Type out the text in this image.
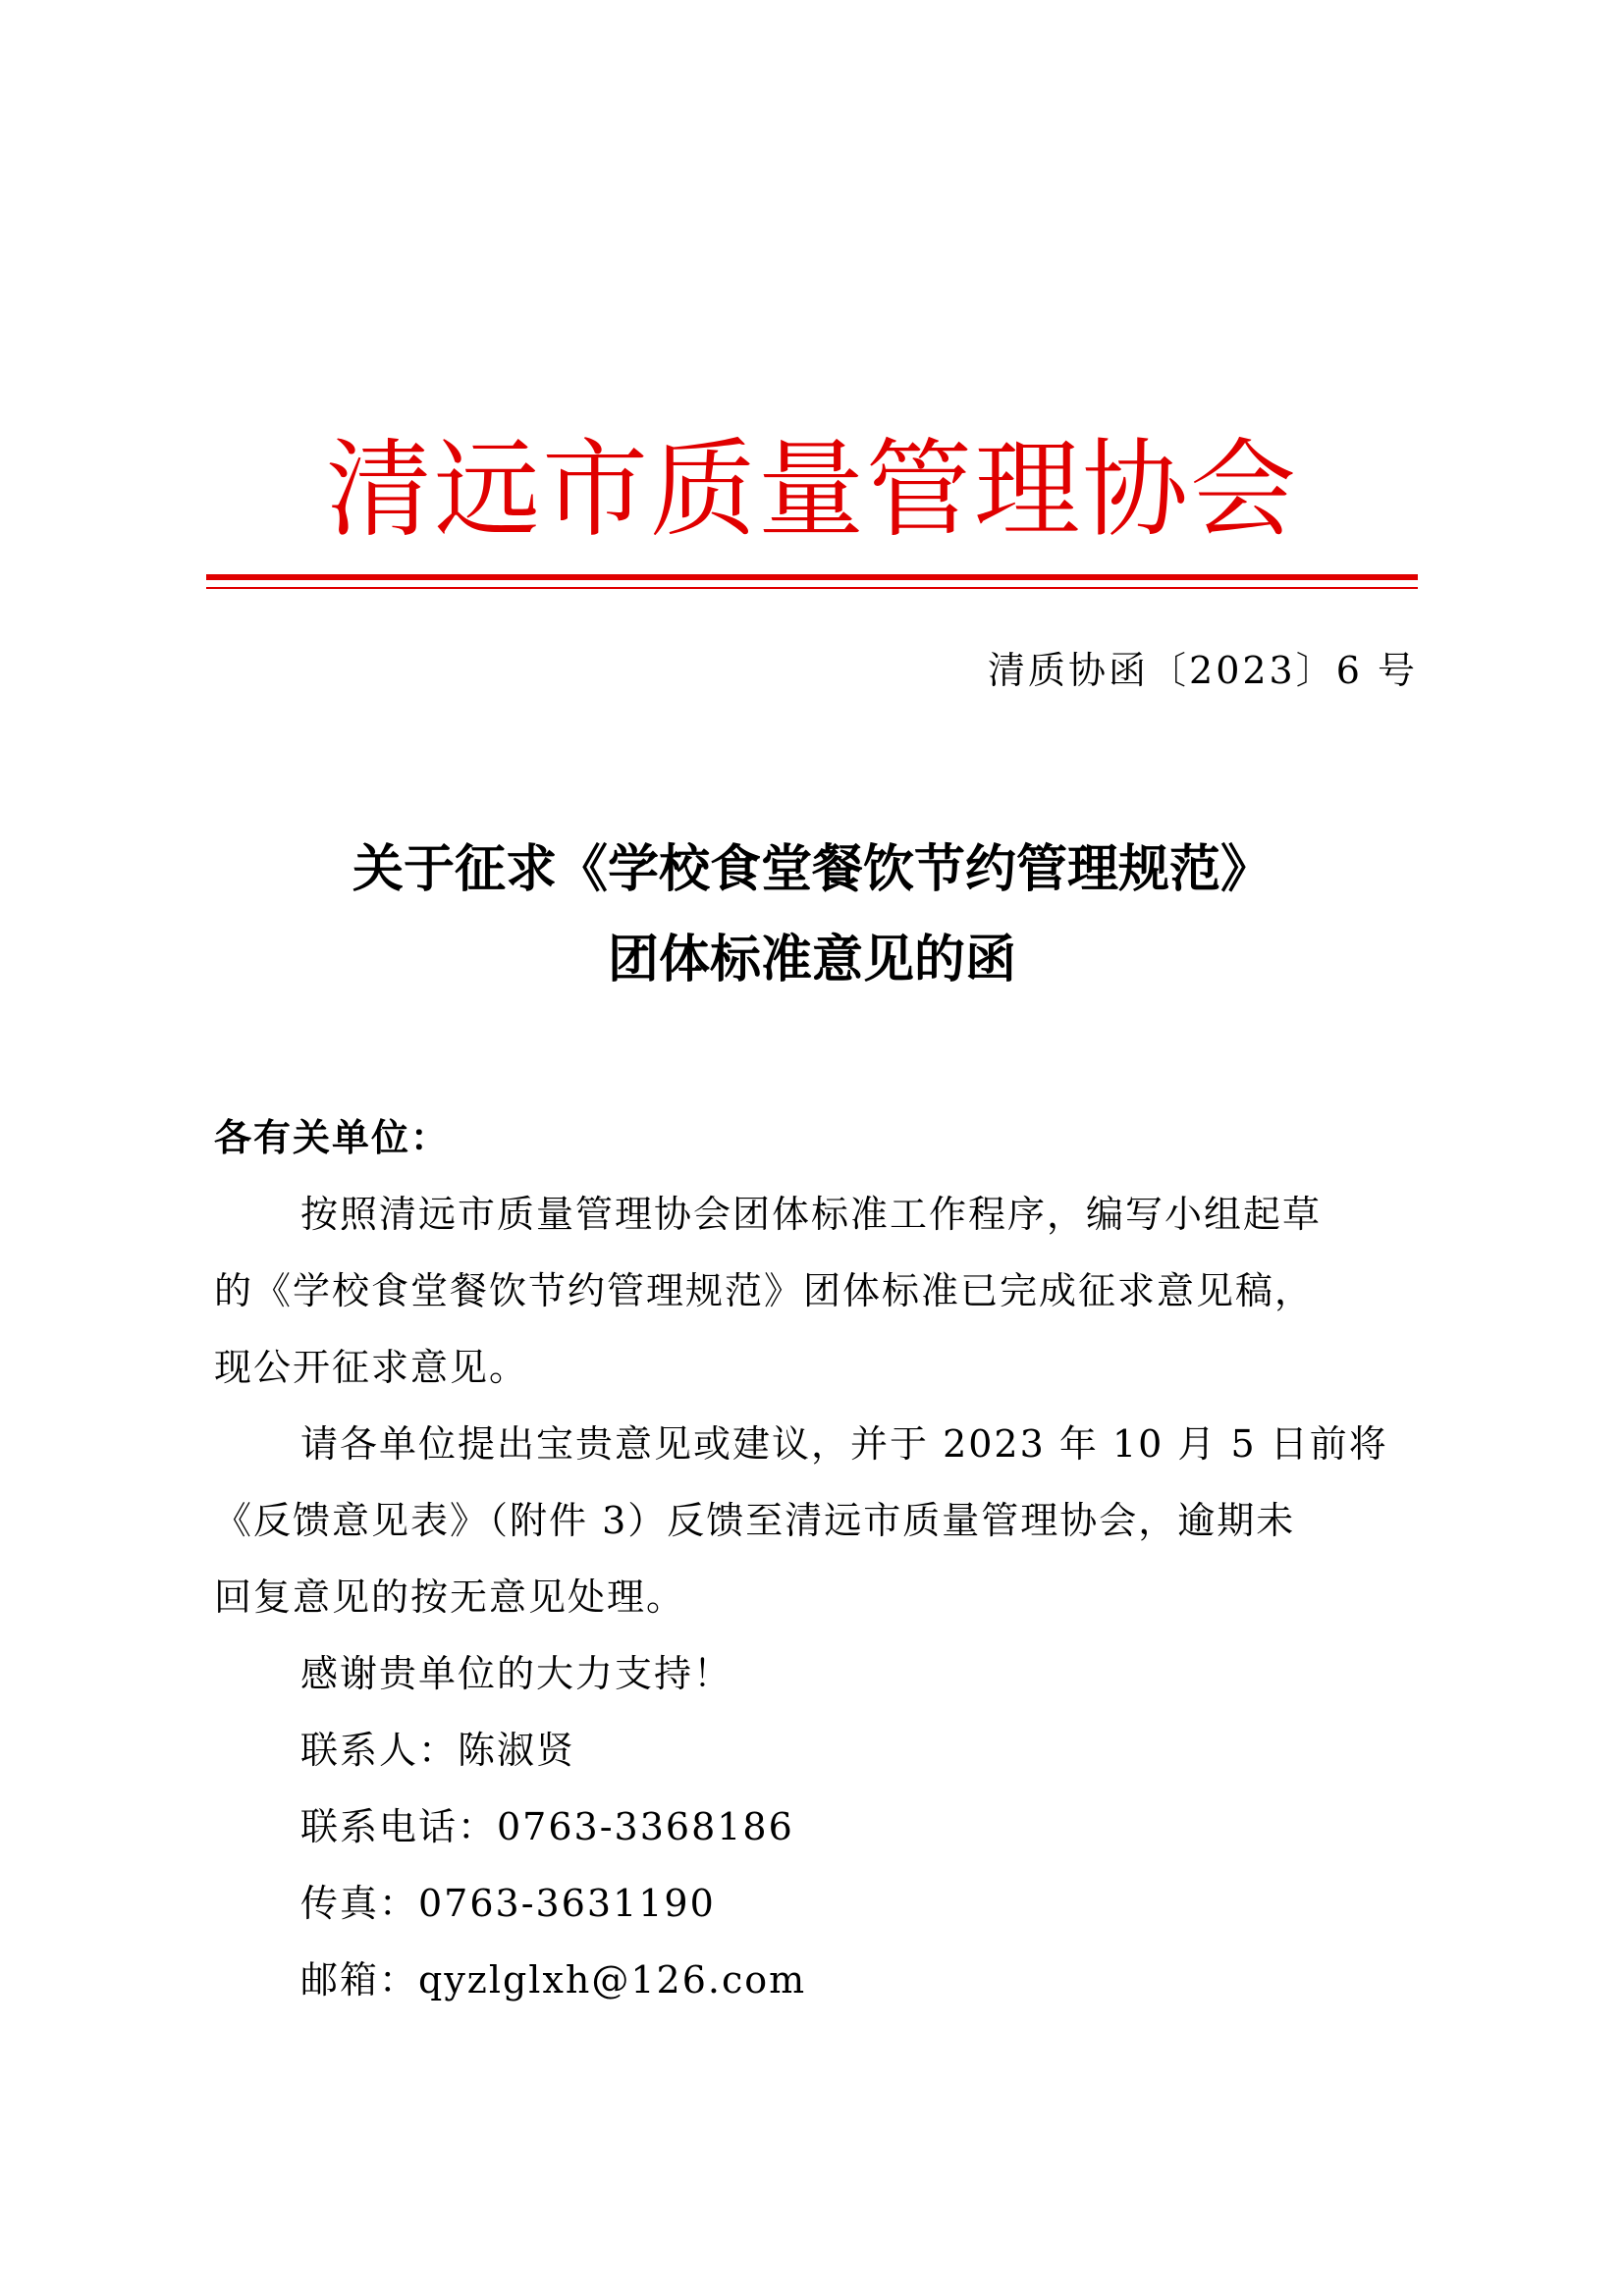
清远市质量管理协会
清质协函〔2023〕6 号
关于征求《学校食堂餐饮节约管理规范》
团体标准意见的函
各有关单位：
按照清远市质量管理协会团体标准工作程序，编写小组起草
的《学校食堂餐饮节约管理规范》团体标准已完成征求意见稿，
现公开征求意见。
请各单位提出宝贵意见或建议，并于 2023 年 10 月 5 日前将
《反馈意见表》（附件 3）反馈至清远市质量管理协会，逾期未
回复意见的按无意见处理。
感谢贵单位的大力支持！
联系人：陈淑贤
联系电话：0763-3368186
传真：0763-3631190
邮箱：qyzlglxh@126.com
